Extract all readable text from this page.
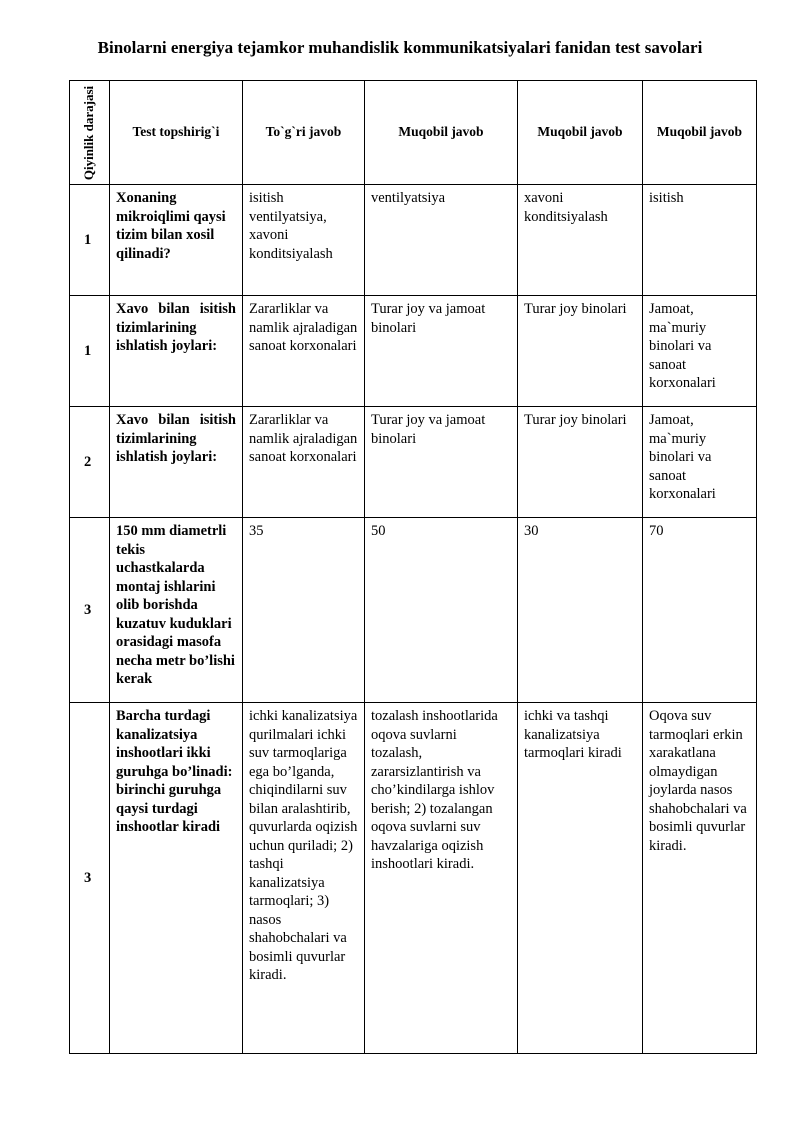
Binolarni energiya tejamkor muhandislik kommunikatsiyalari fanidan test savolari
Qiyinlik darajasi	Test topshirig`i	To`g`ri javob	Muqobil javob	Muqobil javob	Muqobil javob
1	Xonaning mikroiqlimi qaysi tizim bilan xosil qilinadi?	isitish ventilyatsiya, xavoni konditsiyalash	ventilyatsiya	xavoni konditsiyalash	isitish
1	Xavo bilan isitish tizimlarining ishlatish joylari:	Zararliklar va namlik ajraladigan sanoat korxonalari	Turar joy va jamoat binolari	Turar joy binolari	Jamoat, ma`muriy binolari va sanoat korxonalari
2	Xavo bilan isitish tizimlarining ishlatish joylari:	Zararliklar va namlik ajraladigan sanoat korxonalari	Turar joy va jamoat binolari	Turar joy binolari	Jamoat, ma`muriy binolari va sanoat korxonalari
3	150 mm diametrli tekis uchastkalarda montaj ishlarini olib borishda kuzatuv kuduklari orasidagi masofa necha metr bo’lishi kerak	35	50	30	70
3	Barcha turdagi kanalizatsiya inshootlari ikki guruhga bo’linadi: birinchi guruhga qaysi turdagi inshootlar kiradi	ichki kanalizatsiya qurilmalari ichki suv tarmoqlariga ega bo’lganda, chiqindilarni suv bilan aralashtirib, quvurlarda oqizish uchun quriladi; 2) tashqi kanalizatsiya tarmoqlari; 3) nasos shahobchalari va bosimli quvurlar kiradi.	tozalash inshootlarida oqova suvlarni tozalash, zararsizlantirish va cho’kindilarga ishlov berish; 2) tozalangan oqova suvlarni suv havzalariga oqizish inshootlari kiradi.	ichki va tashqi kanalizatsiya tarmoqlari kiradi	Oqova suv tarmoqlari erkin xarakatlana olmaydigan joylarda nasos shahobchalari va bosimli quvurlar kiradi.
